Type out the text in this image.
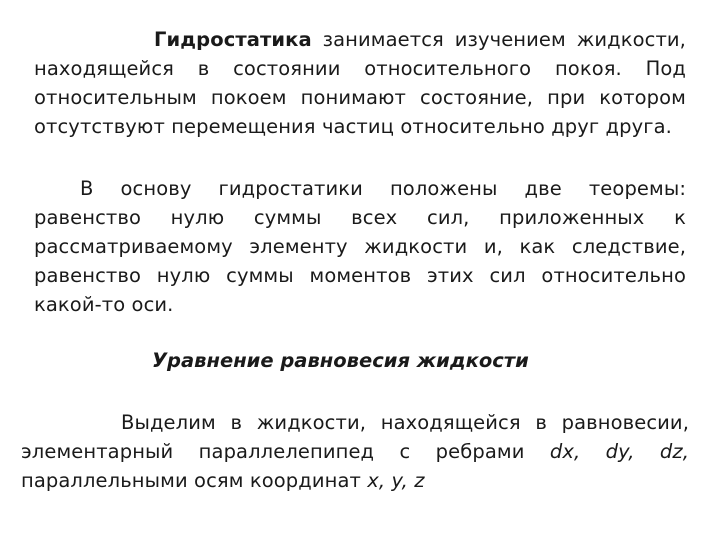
Гидростатика занимается изучением жидкости, находящейся в состоянии относительного покоя. Под относительным покоем понимают состояние, при котором отсутствуют перемещения частиц относительно друг друга.

В основу гидростатики положены две теоремы: равенство нулю суммы всех сил, приложенных к рассматриваемому элементу жидкости и, как следствие, равенство нулю суммы моментов этих сил относительно какой-то оси.

Уравнение равновесия жидкости

Выделим в жидкости, находящейся в равновесии, элементарный параллелепипед с ребрами dx, dy, dz, параллельными осям координат x, y, z
